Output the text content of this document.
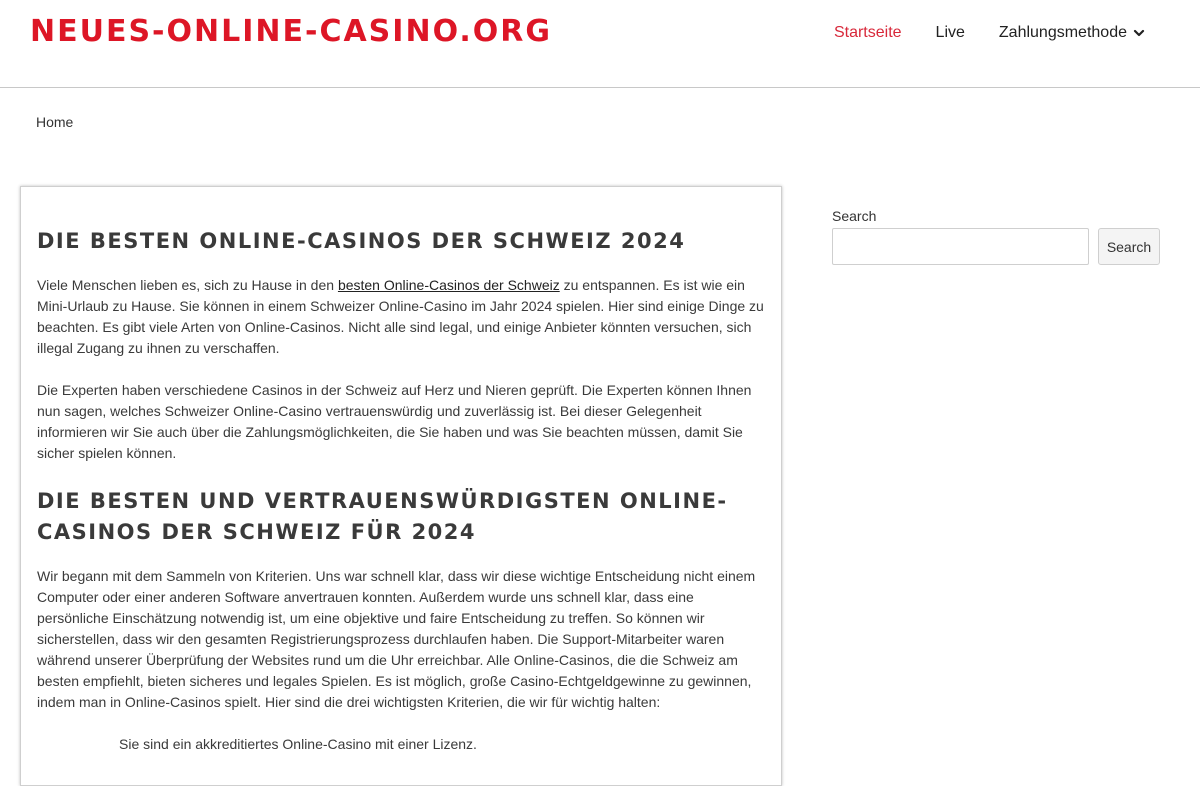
NEUES-ONLINE-CASINO.ORG	Startseite Live Zahlungsmethode
Home
DIE BESTEN ONLINE-CASINOS DER SCHWEIZ 2024

Viele Menschen lieben es, sich zu Hause in den besten Online-Casinos der Schweiz zu entspannen. Es ist wie ein Mini-Urlaub zu Hause. Sie können in einem Schweizer Online-Casino im Jahr 2024 spielen. Hier sind einige Dinge zu beachten. Es gibt viele Arten von Online-Casinos. Nicht alle sind legal, und einige Anbieter könnten versuchen, sich illegal Zugang zu ihnen zu verschaffen.

Die Experten haben verschiedene Casinos in der Schweiz auf Herz und Nieren geprüft. Die Experten können Ihnen nun sagen, welches Schweizer Online-Casino vertrauenswürdig und zuverlässig ist. Bei dieser Gelegenheit informieren wir Sie auch über die Zahlungsmöglichkeiten, die Sie haben und was Sie beachten müssen, damit Sie sicher spielen können.

DIE BESTEN UND VERTRAUENSWÜRDIGSTEN ONLINE-CASINOS DER SCHWEIZ FÜR 2024

Wir begann mit dem Sammeln von Kriterien. Uns war schnell klar, dass wir diese wichtige Entscheidung nicht einem Computer oder einer anderen Software anvertrauen konnten. Außerdem wurde uns schnell klar, dass eine persönliche Einschätzung notwendig ist, um eine objektive und faire Entscheidung zu treffen. So können wir sicherstellen, dass wir den gesamten Registrierungsprozess durchlaufen haben. Die Support-Mitarbeiter waren während unserer Überprüfung der Websites rund um die Uhr erreichbar. Alle Online-Casinos, die die Schweiz am besten empfiehlt, bieten sicheres und legales Spielen. Es ist möglich, große Casino-Echtgeldgewinne zu gewinnen, indem man in Online-Casinos spielt. Hier sind die drei wichtigsten Kriterien, die wir für wichtig halten:

Sie sind ein akkreditiertes Online-Casino mit einer Lizenz.
Search
Search
